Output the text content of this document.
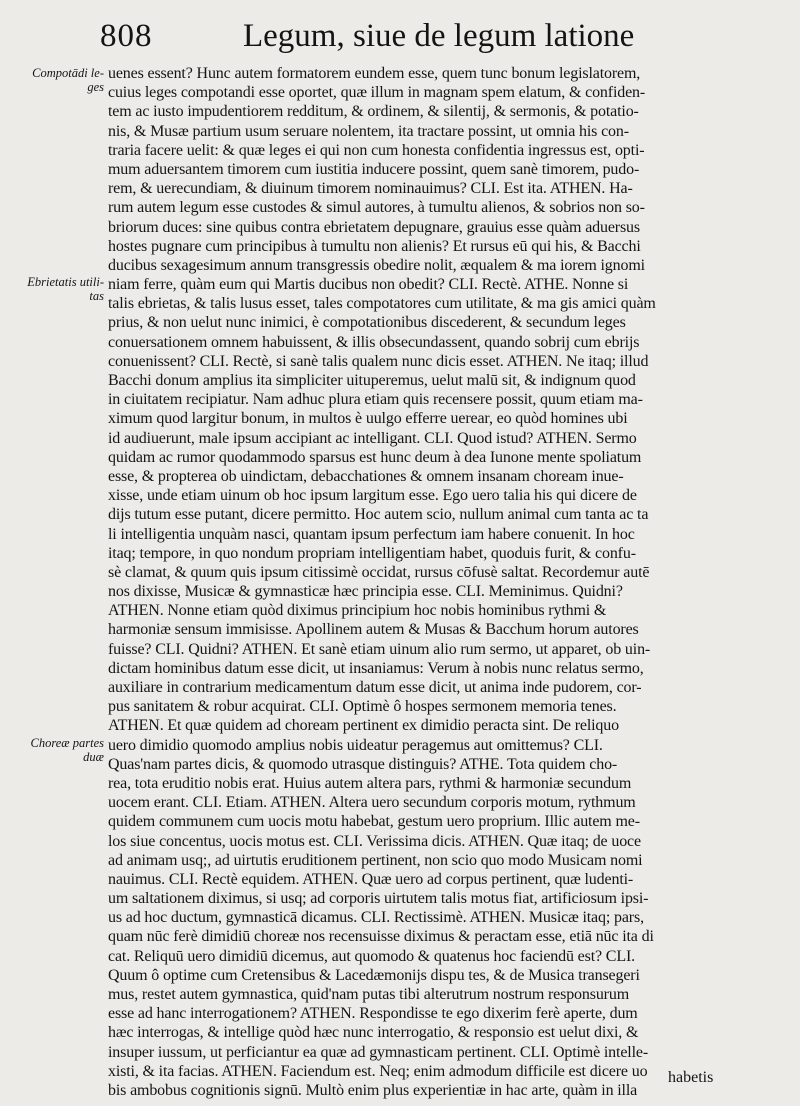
808	Legum, siue de legum latione
Compotādi le-
ges
Ebrietatis utili-
tas
Choreæ partes
duæ
uenes essent? Hunc autem formatorem eundem esse, quem tunc bonum legislatorem,
cuius leges compotandi esse oportet, quæ illum in magnam spem elatum, & confiden-
tem ac iusto impudentiorem redditum, & ordinem, & silentij, & sermonis, & potatio-
nis, & Musæ partium usum seruare nolentem, ita tractare possint, ut omnia his con-
traria facere uelit: & quæ leges ei qui non cum honesta confidentia ingressus est, opti-
mum aduersantem timorem cum iustitia inducere possint, quem sanè timorem, pudo-
rem, & uerecundiam, & diuinum timorem nominauimus? CLI. Est ita. ATHEN. Ha-
rum autem legum esse custodes & simul autores, à tumultu alienos, & sobrios non so-
briorum duces: sine quibus contra ebrietatem depugnare, grauius esse quàm aduersus
hostes pugnare cum principibus à tumultu non alienis? Et rursus eū qui his, & Bacchi
ducibus sexagesimum annum transgressis obedire nolit, æqualem & ma iorem ignomi
niam ferre, quàm eum qui Martis ducibus non obedit? CLI. Rectè. ATHE. Nonne si
talis ebrietas, & talis lusus esset, tales compotatores cum utilitate, & ma gis amici quàm
prius, & non uelut nunc inimici, è compotationibus discederent, & secundum leges
conuersationem omnem habuissent, & illis obsecundassent, quando sobrij cum ebrijs
conuenissent? CLI. Rectè, si sanè talis qualem nunc dicis esset. ATHEN. Ne itaq; illud
Bacchi donum amplius ita simpliciter uituperemus, uelut malū sit, & indignum quod
in ciuitatem recipiatur. Nam adhuc plura etiam quis recensere possit, quum etiam ma-
ximum quod largitur bonum, in multos è uulgo efferre uerear, eo quòd homines ubi
id audiuerunt, male ipsum accipiant ac intelligant. CLI. Quod istud? ATHEN. Sermo
quidam ac rumor quodammodo sparsus est hunc deum à dea Iunone mente spoliatum
esse, & propterea ob uindictam, debacchationes & omnem insanam choream inue-
xisse, unde etiam uinum ob hoc ipsum largitum esse. Ego uero talia his qui dicere de
dijs tutum esse putant, dicere permitto. Hoc autem scio, nullum animal cum tanta ac ta
li intelligentia unquàm nasci, quantam ipsum perfectum iam habere conuenit. In hoc
itaq; tempore, in quo nondum propriam intelligentiam habet, quoduis furit, & confu-
sè clamat, & quum quis ipsum citissimè occidat, rursus cōfusè saltat. Recordemur autē
nos dixisse, Musicæ & gymnasticæ hæc principia esse. CLI. Meminimus. Quidni?
ATHEN. Nonne etiam quòd diximus principium hoc nobis hominibus rythmi &
harmoniæ sensum immisisse. Apollinem autem & Musas & Bacchum horum autores
fuisse? CLI. Quidni? ATHEN. Et sanè etiam uinum alio rum sermo, ut apparet, ob uin-
dictam hominibus datum esse dicit, ut insaniamus: Verum à nobis nunc relatus sermo,
auxiliare in contrarium medicamentum datum esse dicit, ut anima inde pudorem, cor-
pus sanitatem & robur acquirat. CLI. Optimè ô hospes sermonem memoria tenes.
ATHEN. Et quæ quidem ad choream pertinent ex dimidio peracta sint. De reliquo
uero dimidio quomodo amplius nobis uideatur peragemus aut omittemus? CLI.
Quas'nam partes dicis, & quomodo utrasque distinguis? ATHE. Tota quidem cho-
rea, tota eruditio nobis erat. Huius autem altera pars, rythmi & harmoniæ secundum
uocem erant. CLI. Etiam. ATHEN. Altera uero secundum corporis motum, rythmum
quidem communem cum uocis motu habebat, gestum uero proprium. Illic autem me-
los siue concentus, uocis motus est. CLI. Verissima dicis. ATHEN. Quæ itaq; de uoce
ad animam usq;, ad uirtutis eruditionem pertinent, non scio quo modo Musicam nomi
nauimus. CLI. Rectè equidem. ATHEN. Quæ uero ad corpus pertinent, quæ ludenti-
um saltationem diximus, si usq; ad corporis uirtutem talis motus fiat, artificiosum ipsi-
us ad hoc ductum, gymnasticā dicamus. CLI. Rectissimè. ATHEN. Musicæ itaq; pars,
quam nūc ferè dimidiū choreæ nos recensuisse diximus & peractam esse, etiā nūc ita di
cat. Reliquū uero dimidiū dicemus, aut quomodo & quatenus hoc faciendū est? CLI.
Quum ô optime cum Cretensibus & Lacedæmonijs dispu tes, & de Musica transegeri
mus, restet autem gymnastica, quid'nam putas tibi alterutrum nostrum responsurum
esse ad hanc interrogationem? ATHEN. Respondisse te ego dixerim ferè aperte, dum
hæc interrogas, & intellige quòd hæc nunc interrogatio, & responsio est uelut dixi, &
insuper iussum, ut perficiantur ea quæ ad gymnasticam pertinent. CLI. Optimè intelle-
xisti, & ita facias. ATHEN. Faciendum est. Neq; enim admodum difficile est dicere uo
bis ambobus cognitionis signū. Multò enim plus experientiæ in hac arte, quàm in illa
habetis
